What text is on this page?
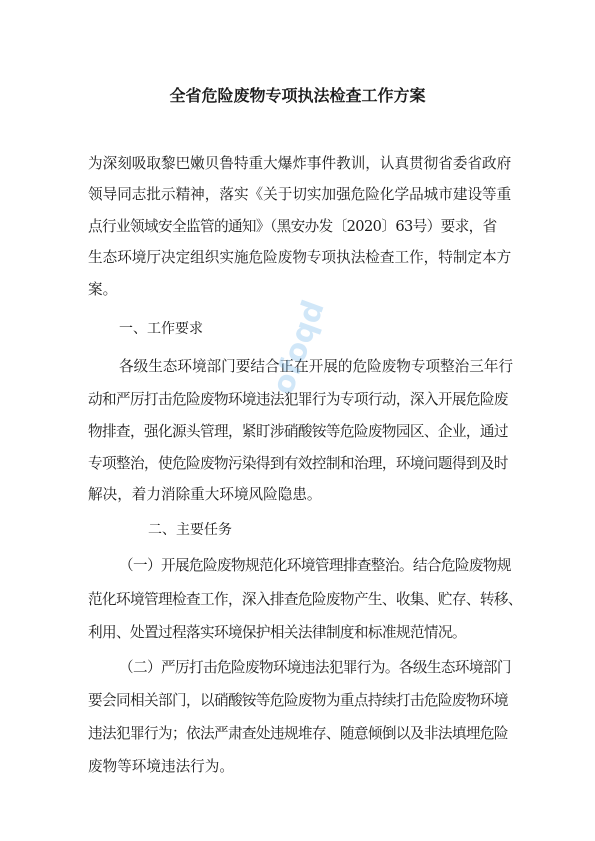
全省危险废物专项执法检查工作方案
为深刻吸取黎巴嫩贝鲁特重大爆炸事件教训，认真贯彻省委省政府
领导同志批示精神，落实《关于切实加强危险化学品城市建设等重
点行业领域安全监管的通知》（黑安办发〔2020〕63号）要求，省
生态环境厅决定组织实施危险废物专项执法检查工作，特制定本方
案。
一、工作要求
各级生态环境部门要结合正在开展的危险废物专项整治三年行
动和严厉打击危险废物环境违法犯罪行为专项行动，深入开展危险废
物排查，强化源头管理，紧盯涉硝酸铵等危险废物园区、企业，通过
专项整治，使危险废物污染得到有效控制和治理，环境问题得到及时
解决，着力消除重大环境风险隐患。
二、主要任务
（一）开展危险废物规范化环境管理排查整治。结合危险废物规
范化环境管理检查工作，深入排查危险废物产生、收集、贮存、转移、
利用、处置过程落实环境保护相关法律制度和标准规范情况。
（二）严厉打击危险废物环境违法犯罪行为。各级生态环境部门
要会同相关部门，以硝酸铵等危险废物为重点持续打击危险废物环境
违法犯罪行为；依法严肃查处违规堆存、随意倾倒以及非法填埋危险
废物等环境违法行为。
ofoqd
